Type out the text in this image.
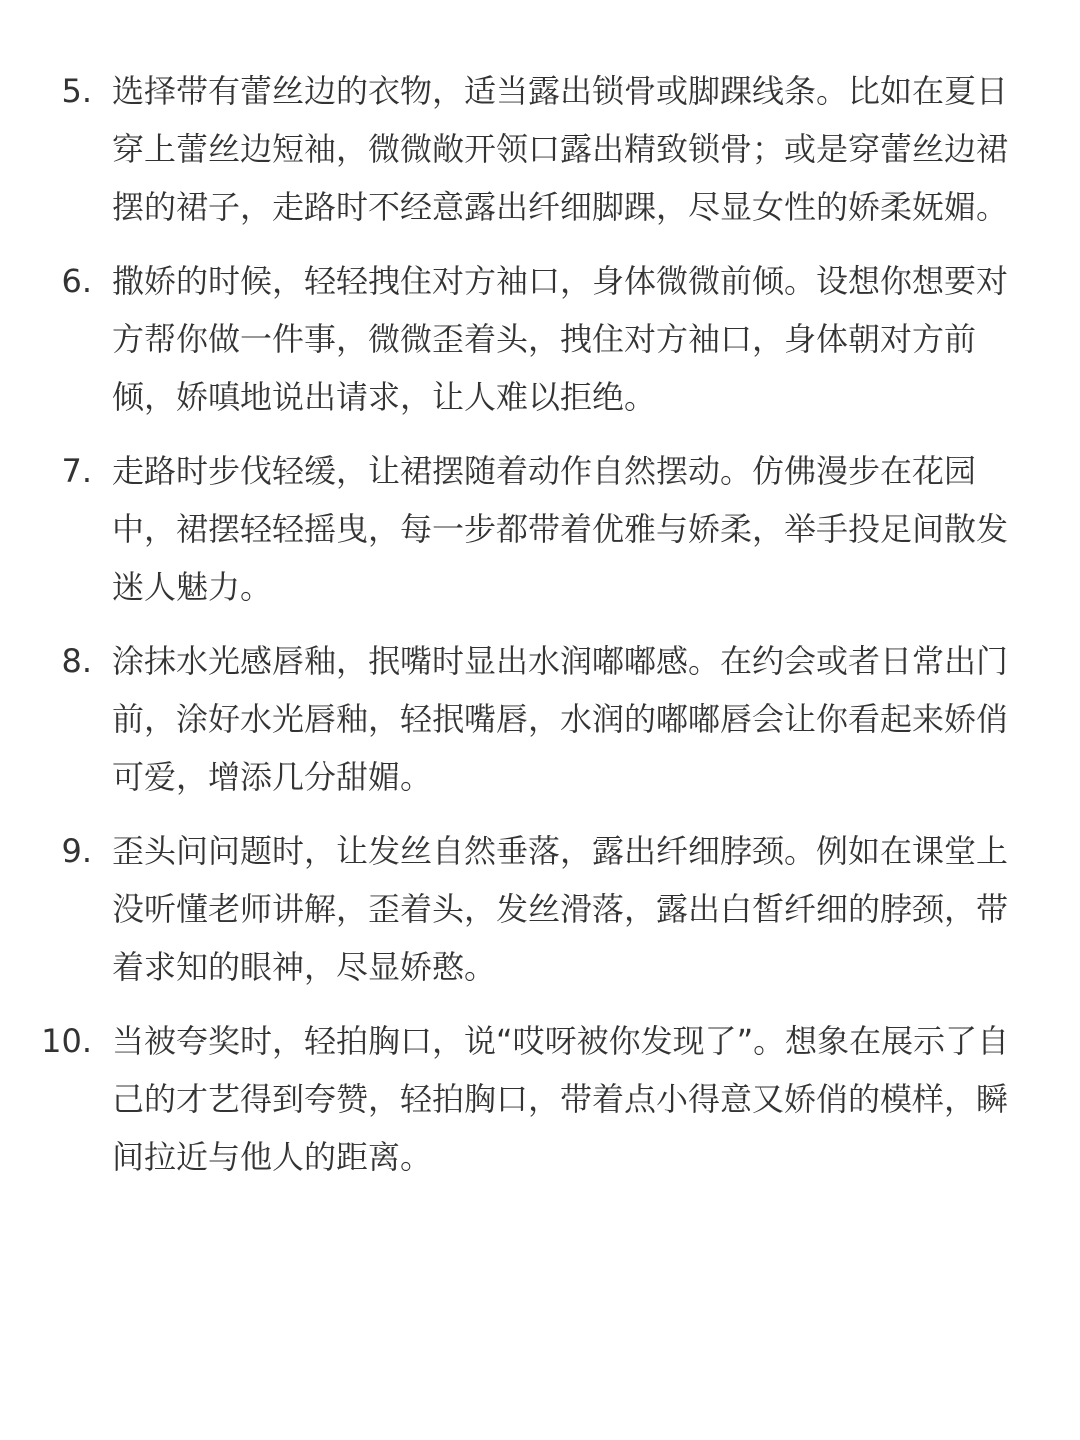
5. 选择带有蕾丝边的衣物，适当露出锁骨或脚踝线条。比如在夏日穿上蕾丝边短袖，微微敞开领口露出精致锁骨；或是穿蕾丝边裙摆的裙子，走路时不经意露出纤细脚踝，尽显女性的娇柔妩媚。
6. 撒娇的时候，轻轻拽住对方袖口，身体微微前倾。设想你想要对方帮你做一件事，微微歪着头，拽住对方袖口，身体朝对方前倾，娇嗔地说出请求，让人难以拒绝。
7. 走路时步伐轻缓，让裙摆随着动作自然摆动。仿佛漫步在花园中，裙摆轻轻摇曳，每一步都带着优雅与娇柔，举手投足间散发迷人魅力。
8. 涂抹水光感唇釉，抿嘴时显出水润嘟嘟感。在约会或者日常出门前，涂好水光唇釉，轻抿嘴唇，水润的嘟嘟唇会让你看起来娇俏可爱，增添几分甜媚。
9. 歪头问问题时，让发丝自然垂落，露出纤细脖颈。例如在课堂上没听懂老师讲解，歪着头，发丝滑落，露出白皙纤细的脖颈，带着求知的眼神，尽显娇憨。
10. 当被夸奖时，轻拍胸口，说“哎呀被你发现了”。想象在展示了自己的才艺得到夸赞，轻拍胸口，带着点小得意又娇俏的模样，瞬间拉近与他人的距离。
